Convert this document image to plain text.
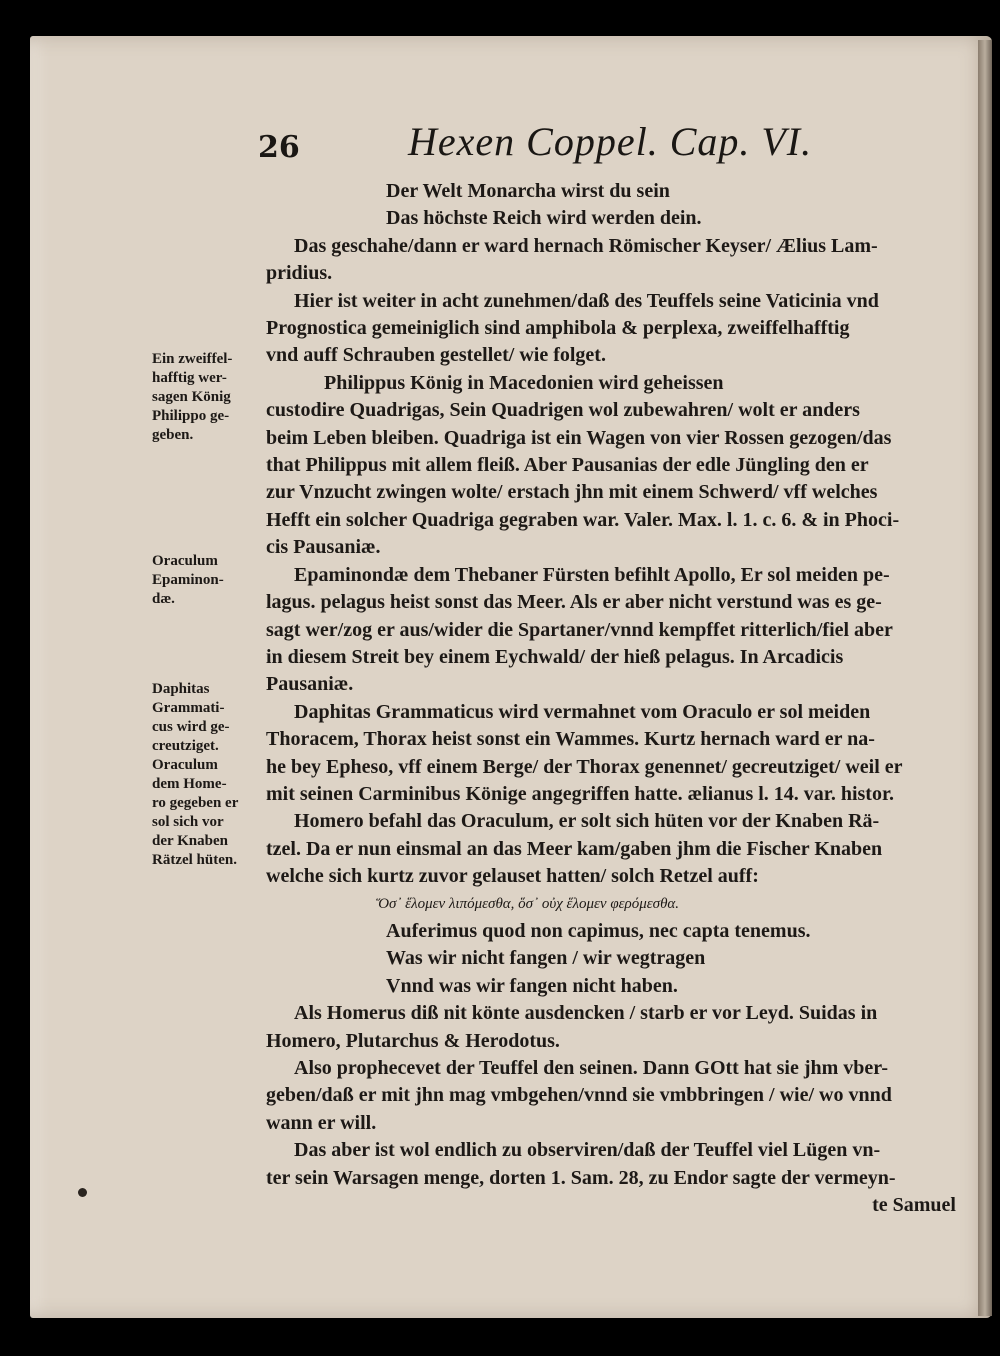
26	Hexen Coppel. Cap. VI.

Der Welt Monarcha wirst du sein

Das höchste Reich wird werden dein.

Das geschahe/dann er ward hernach Römischer Keyser/ Ælius Lam-

pridius.

Hier ist weiter in acht zunehmen/daß des Teuffels seine Vaticinia vnd

Prognostica gemeiniglich sind amphibola & perplexa, zweiffelhafftig

vnd auff Schrauben gestellet/ wie folget.

Philippus König in Macedonien wird geheissen

custodire Quadrigas, Sein Quadrigen wol zubewahren/ wolt er anders

beim Leben bleiben. Quadriga ist ein Wagen von vier Rossen gezogen/das

that Philippus mit allem fleiß. Aber Pausanias der edle Jüngling den er

zur Vnzucht zwingen wolte/ erstach jhn mit einem Schwerd/ vff welches

Hefft ein solcher Quadriga gegraben war. Valer. Max. l. 1. c. 6. & in Phoci-

cis Pausaniæ.

Epaminondæ dem Thebaner Fürsten befihlt Apollo, Er sol meiden pe-

lagus. pelagus heist sonst das Meer. Als er aber nicht verstund was es ge-

sagt wer/zog er aus/wider die Spartaner/vnnd kempffet ritterlich/fiel aber

in diesem Streit bey einem Eychwald/ der hieß pelagus. In Arcadicis

Pausaniæ.

Daphitas Grammaticus wird vermahnet vom Oraculo er sol meiden

Thoracem, Thorax heist sonst ein Wammes. Kurtz hernach ward er na-

he bey Epheso, vff einem Berge/ der Thorax genennet/ gecreutziget/ weil er

mit seinen Carminibus Könige angegriffen hatte. ælianus l. 14. var. histor.

Homero befahl das Oraculum, er solt sich hüten vor der Knaben Rä-

tzel. Da er nun einsmal an das Meer kam/gaben jhm die Fischer Knaben

welche sich kurtz zuvor gelauset hatten/ solch Retzel auff:

Ὅσ᾽ ἕλομεν λιπόμεσθα, ὅσ᾽ οὐχ ἕλομεν φερόμεσθα.

Auferimus quod non capimus, nec capta tenemus.

Was wir nicht fangen / wir wegtragen

Vnnd was wir fangen nicht haben.

Als Homerus diß nit könte ausdencken / starb er vor Leyd. Suidas in

Homero, Plutarchus & Herodotus.

Also prophecevet der Teuffel den seinen. Dann GOtt hat sie jhm vber-

geben/daß er mit jhn mag vmbgehen/vnnd sie vmbbringen / wie/ wo vnnd

wann er will.

Das aber ist wol endlich zu observiren/daß der Teuffel viel Lügen vn-

ter sein Warsagen menge, dorten 1. Sam. 28, zu Endor sagte der vermeyn-

te Samuel

Ein zweiffel-
hafftig wer-
sagen König
Philippo ge-
geben.
Oraculum
Epaminon-
dæ.
Daphitas
Grammati-
cus wird ge-
creutziget.
Oraculum
dem Home-
ro gegeben er
sol sich vor
der Knaben
Rätzel hüten.
